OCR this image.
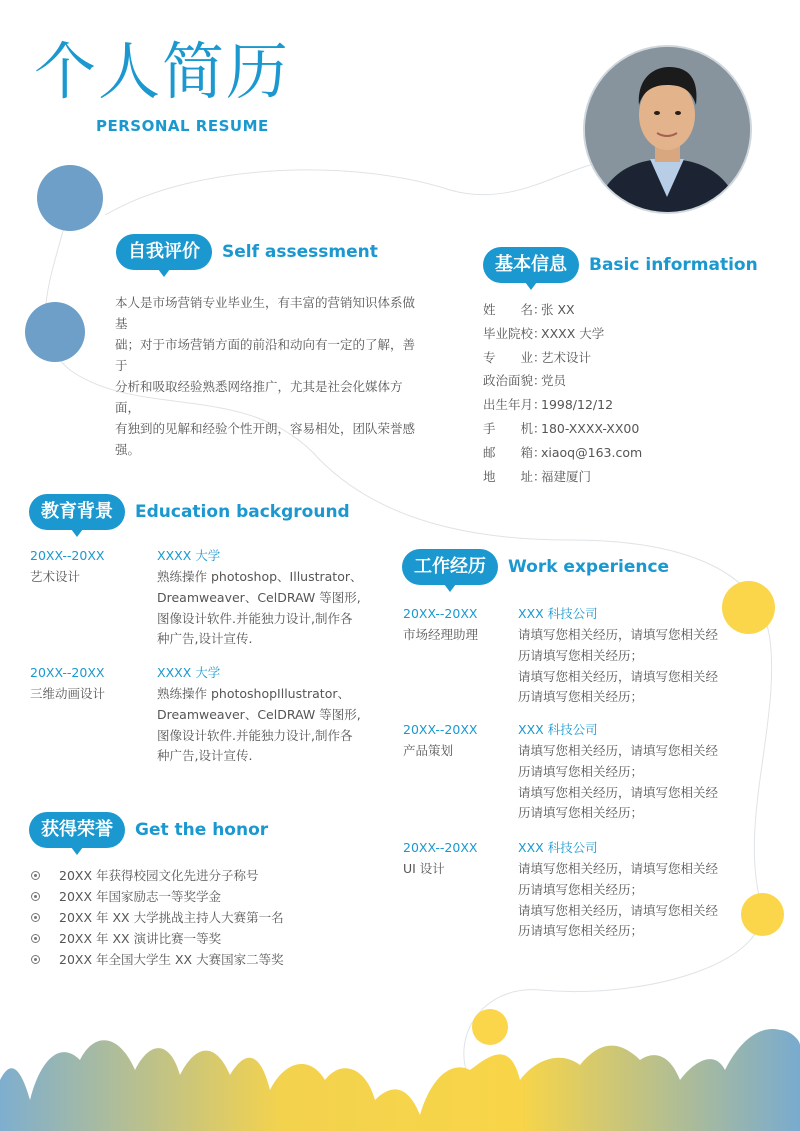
个人简历
PERSONAL RESUME
自我评价 Self assessment
本人是市场营销专业毕业生，有丰富的营销知识体系做基
础；对于市场营销方面的前沿和动向有一定的了解，善于
分析和吸取经验熟悉网络推广，尤其是社会化媒体方面，
有独到的见解和经验个性开朗，容易相处，团队荣誉感强。
基本信息 Basic information
姓　　名：张 XX
毕业院校：XXXX 大学
专　　业：艺术设计
政治面貌：党员
出生年月：1998/12/12
手　　机：180-XXXX-XX00
邮　　箱：xiaoq@163.com
地　　址：福建厦门
教育背景 Education background
20XX--20XX
艺术设计
XXXX 大学
熟练操作 photoshop、Illustrator、
Dreamweaver、CelDRAW 等图形,
图像设计软件.并能独力设计,制作各
种广告,设计宣传.
20XX--20XX
三维动画设计
XXXX 大学
熟练操作 photoshopIllustrator、
Dreamweaver、CelDRAW 等图形,
图像设计软件.并能独力设计,制作各
种广告,设计宣传.
工作经历 Work experience
20XX--20XX
市场经理助理
XXX 科技公司
请填写您相关经历，请填写您相关经
历请填写您相关经历；
请填写您相关经历，请填写您相关经
历请填写您相关经历；
20XX--20XX
产品策划
XXX 科技公司
请填写您相关经历，请填写您相关经
历请填写您相关经历；
请填写您相关经历，请填写您相关经
历请填写您相关经历；
20XX--20XX
UI 设计
XXX 科技公司
请填写您相关经历，请填写您相关经
历请填写您相关经历；
请填写您相关经历，请填写您相关经
历请填写您相关经历；
获得荣誉 Get the honor
20XX 年获得校园文化先进分子称号
20XX 年国家励志一等奖学金
20XX 年 XX 大学挑战主持人大赛第一名
20XX 年 XX 演讲比赛一等奖
20XX 年全国大学生 XX 大赛国家二等奖
